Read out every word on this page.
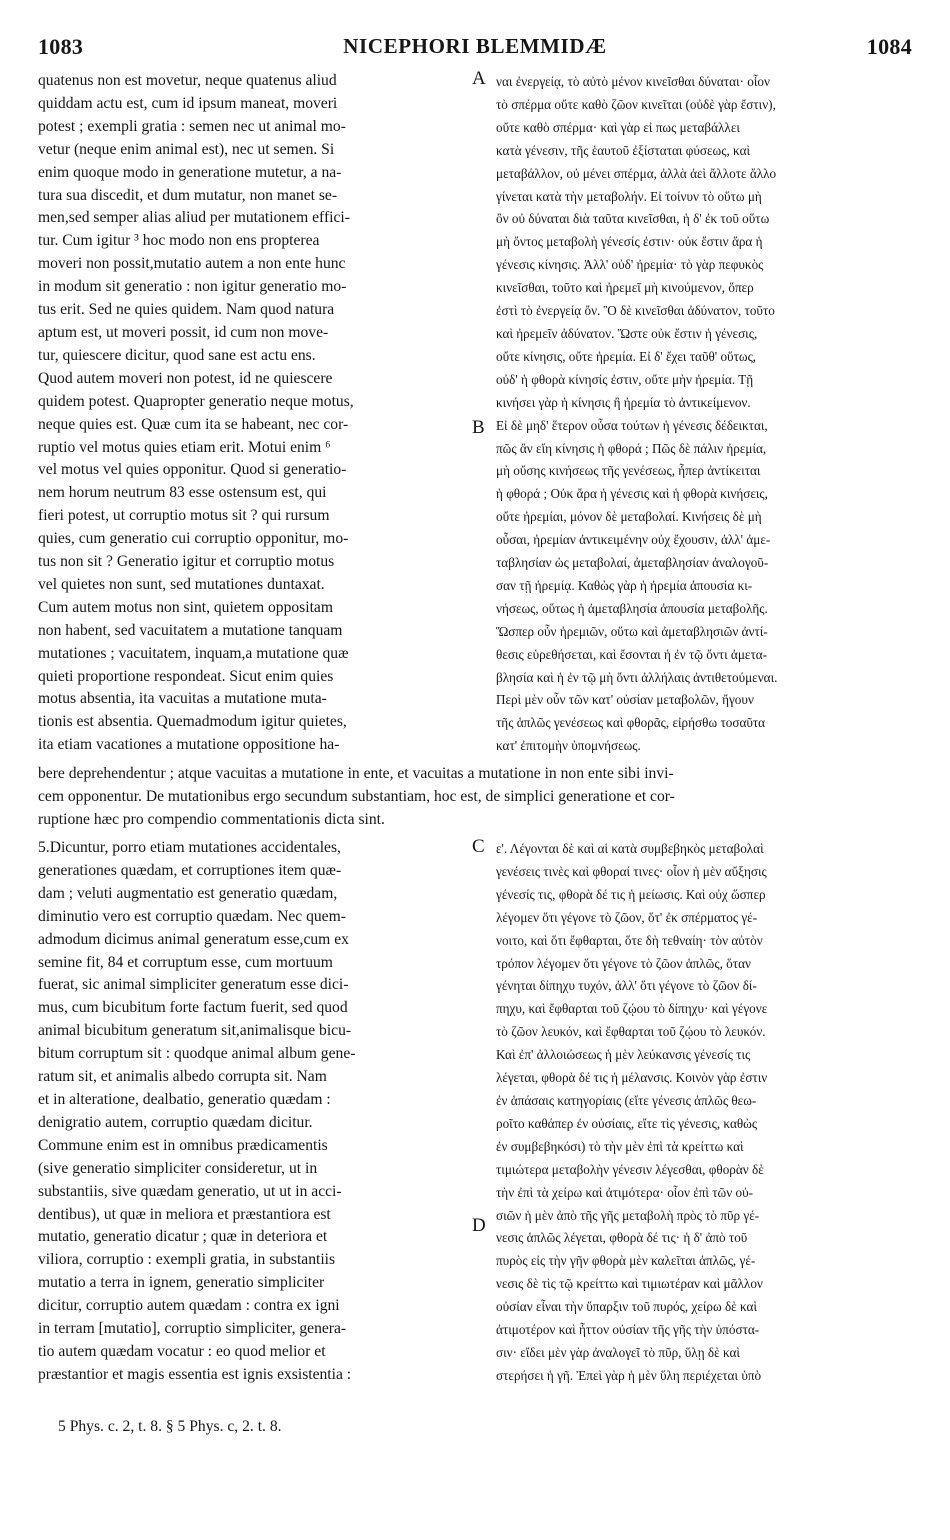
1083	NICEPHORI BLEMMIDÆ	1084
A
B
C
D
quatenus non est movetur, neque quatenus aliud
quiddam actu est, cum id ipsum maneat, moveri
potest ; exempli gratia : semen nec ut animal mo-
vetur (neque enim animal est), nec ut semen. Si
enim quoque modo in generatione mutetur, a na-
tura sua discedit, et dum mutatur, non manet se-
men,sed semper alias aliud per mutationem effici-
tur. Cum igitur ³ hoc modo non ens propterea
moveri non possit,mutatio autem a non ente hunc
in modum sit generatio : non igitur generatio mo-
tus erit. Sed ne quies quidem. Nam quod natura
aptum est, ut moveri possit, id cum non move-
tur, quiescere dicitur, quod sane est actu ens.
Quod autem moveri non potest, id ne quiescere
quidem potest. Quapropter generatio neque motus,
neque quies est. Quæ cum ita se habeant, nec cor-
ruptio vel motus quies etiam erit. Motui enim ⁶
vel motus vel quies opponitur. Quod si generatio-
nem horum neutrum 83 esse ostensum est, qui
fieri potest, ut corruptio motus sit ? qui rursum
quies, cum generatio cui corruptio opponitur, mo-
tus non sit ? Generatio igitur et corruptio motus
vel quietes non sunt, sed mutationes duntaxat.
Cum autem motus non sint, quietem oppositam
non habent, sed vacuitatem a mutatione tanquam
mutationes ; vacuitatem, inquam,a mutatione quæ
quieti proportione respondeat. Sicut enim quies
motus absentia, ita vacuitas a mutatione muta-
tionis est absentia. Quemadmodum igitur quietes,
ita etiam vacationes a mutatione oppositione ha-
ναι ἐνεργείᾳ, τὸ αὐτὸ μένον κινεῖσθαι δύναται· οἷον
τὸ σπέρμα οὔτε καθὸ ζῶον κινεῖται (οὐδὲ γὰρ ἔστιν),
οὔτε καθὸ σπέρμα· καὶ γὰρ εἰ πως μεταβάλλει
κατὰ γένεσιν, τῆς ἑαυτοῦ ἐξίσταται φύσεως, καὶ
μεταβάλλον, οὐ μένει σπέρμα, ἀλλὰ ἀεὶ ἄλλοτε ἄλλο
γίνεται κατὰ τὴν μεταβολήν. Εἰ τοίνυν τὸ οὕτω μὴ
ὂν οὐ δύναται διὰ ταῦτα κινεῖσθαι, ἡ δ' ἐκ τοῦ οὕτω
μὴ ὄντος μεταβολὴ γένεσίς ἐστιν· οὐκ ἔστιν ἄρα ἡ
γένεσις κίνησις. Ἀλλ' οὐδ' ἠρεμία· τὸ γὰρ πεφυκὸς
κινεῖσθαι, τοῦτο καὶ ἠρεμεῖ μὴ κινούμενον, ὅπερ
ἐστὶ τὸ ἐνεργείᾳ ὄν. Ὃ δὲ κινεῖσθαι ἀδύνατον, τοῦτο
καὶ ἠρεμεῖν ἀδύνατον. Ὥστε οὐκ ἔστιν ἡ γένεσις,
οὔτε κίνησις, οὔτε ἠρεμία. Εἰ δ' ἔχει ταῦθ' οὕτως,
οὐδ' ἡ φθορὰ κίνησίς ἐστιν, οὔτε μὴν ἠρεμία. Τῇ
κινήσει γὰρ ἡ κίνησις ἢ ἠρεμία τὸ ἀντικείμενον.
Εἰ δὲ μηδ' ἕτερον οὖσα τούτων ἡ γένεσις δέδεικται,
πῶς ἂν εἴη κίνησις ἡ φθορά ; Πῶς δὲ πάλιν ἠρεμία,
μὴ οὔσης κινήσεως τῆς γενέσεως, ἧπερ ἀντίκειται
ἡ φθορά ; Οὐκ ἄρα ἡ γένεσις καὶ ἡ φθορὰ κινήσεις,
οὔτε ἠρεμίαι, μόνον δὲ μεταβολαί. Κινήσεις δὲ μὴ
οὖσαι, ἠρεμίαν ἀντικειμένην οὐχ ἔχουσιν, ἀλλ' ἀμε-
ταβλησίαν ὡς μεταβολαί, ἀμεταβλησίαν ἀναλογοῦ-
σαν τῇ ἠρεμίᾳ. Καθὼς γὰρ ἡ ἠρεμία ἀπουσία κι-
νήσεως, οὕτως ἡ ἀμεταβλησία ἀπουσία μεταβολῆς.
Ὥσπερ οὖν ἠρεμιῶν, οὕτω καὶ ἀμεταβλησιῶν ἀντί-
θεσις εὑρεθήσεται, καὶ ἔσονται ἡ ἐν τῷ ὄντι ἀμετα-
βλησία καὶ ἡ ἐν τῷ μὴ ὄντι ἀλλήλαις ἀντιθετούμεναι.
Περὶ μὲν οὖν τῶν κατ' οὐσίαν μεταβολῶν, ἤγουν
τῆς ἁπλῶς γενέσεως καὶ φθορᾶς, εἰρήσθω τοσαῦτα
κατ' ἐπιτομὴν ὑπομνήσεως.
bere deprehendentur ; atque vacuitas a mutatione in ente, et vacuitas a mutatione in non ente sibi invi-
cem opponentur. De mutationibus ergo secundum substantiam, hoc est, de simplici generatione et cor-
ruptione hæc pro compendio commentationis dicta sint.
5.Dicuntur, porro etiam mutationes accidentales,
generationes quædam, et corruptiones item quæ-
dam ; veluti augmentatio est generatio quædam,
diminutio vero est corruptio quædam. Nec quem-
admodum dicimus animal generatum esse,cum ex
semine fit, 84 et corruptum esse, cum mortuum
fuerat, sic animal simpliciter generatum esse dici-
mus, cum bicubitum forte factum fuerit, sed quod
animal bicubitum generatum sit,animalisque bicu-
bitum corruptum sit : quodque animal album gene-
ratum sit, et animalis albedo corrupta sit. Nam
et in alteratione, dealbatio, generatio quædam :
denigratio autem, corruptio quædam dicitur.
Commune enim est in omnibus prædicamentis
(sive generatio simpliciter consideretur, ut in
substantiis, sive quædam generatio, ut ut in acci-
dentibus), ut quæ in meliora et præstantiora est
mutatio, generatio dicatur ; quæ in deteriora et
viliora, corruptio : exempli gratia, in substantiis
mutatio a terra in ignem, generatio simpliciter
dicitur, corruptio autem quædam : contra ex igni
in terram [mutatio], corruptio simpliciter, genera-
tio autem quædam vocatur : eo quod melior et
præstantior et magis essentia est ignis exsistentia :
ε'. Λέγονται δὲ καὶ αἱ κατὰ συμβεβηκὸς μεταβολαὶ
γενέσεις τινὲς καὶ φθοραί τινες· οἷον ἡ μὲν αὔξησις
γένεσίς τις, φθορὰ δέ τις ἡ μείωσις. Καὶ οὐχ ὥσπερ
λέγομεν ὅτι γέγονε τὸ ζῶον, ὅτ' ἐκ σπέρματος γέ-
νοιτο, καὶ ὅτι ἔφθαρται, ὅτε δὴ τεθναίη· τὸν αὐτὸν
τρόπον λέγομεν ὅτι γέγονε τὸ ζῶον ἁπλῶς, ὅταν
γένηται δίπηχυ τυχόν, ἀλλ' ὅτι γέγονε τὸ ζῶον δί-
πηχυ, καὶ ἔφθαρται τοῦ ζῴου τὸ δίπηχυ· καὶ γέγονε
τὸ ζῶον λευκόν, καὶ ἔφθαρται τοῦ ζῴου τὸ λευκόν.
Καὶ ἐπ' ἀλλοιώσεως ἡ μὲν λεύκανσις γένεσίς τις
λέγεται, φθορὰ δέ τις ἡ μέλανσις. Κοινὸν γὰρ ἐστιν
ἐν ἁπάσαις κατηγορίαις (εἴτε γένεσις ἁπλῶς θεω-
ροῖτο καθάπερ ἐν οὐσίαις, εἴτε τὶς γένεσις, καθὼς
ἐν συμβεβηκόσι) τὸ τὴν μὲν ἐπὶ τὰ κρείττω καὶ
τιμιώτερα μεταβολὴν γένεσιν λέγεσθαι, φθορὰν δὲ
τὴν ἐπὶ τὰ χείρω καὶ ἀτιμότερα· οἷον ἐπὶ τῶν οὐ-
σιῶν ἡ μὲν ἀπὸ τῆς γῆς μεταβολὴ πρὸς τὸ πῦρ γέ-
νεσις ἁπλῶς λέγεται, φθορὰ δέ τις· ἡ δ' ἀπὸ τοῦ
πυρὸς εἰς τὴν γῆν φθορὰ μὲν καλεῖται ἁπλῶς, γέ-
νεσις δὲ τὶς τῷ κρείττω καὶ τιμιωτέραν καὶ μᾶλλον
οὐσίαν εἶναι τὴν ὕπαρξιν τοῦ πυρός, χείρω δὲ καὶ
ἀτιμοτέρον καὶ ἧττον οὐσίαν τῆς γῆς τὴν ὑπόστα-
σιν· εἴδει μὲν γὰρ ἀναλογεῖ τὸ πῦρ, ὕλῃ δὲ καὶ
στερήσει ἡ γῆ. Ἐπεὶ γὰρ ἡ μὲν ὕλη περιέχεται ὑπὸ
5 Phys. c. 2, t. 8. § 5 Phys. c, 2. t. 8.
